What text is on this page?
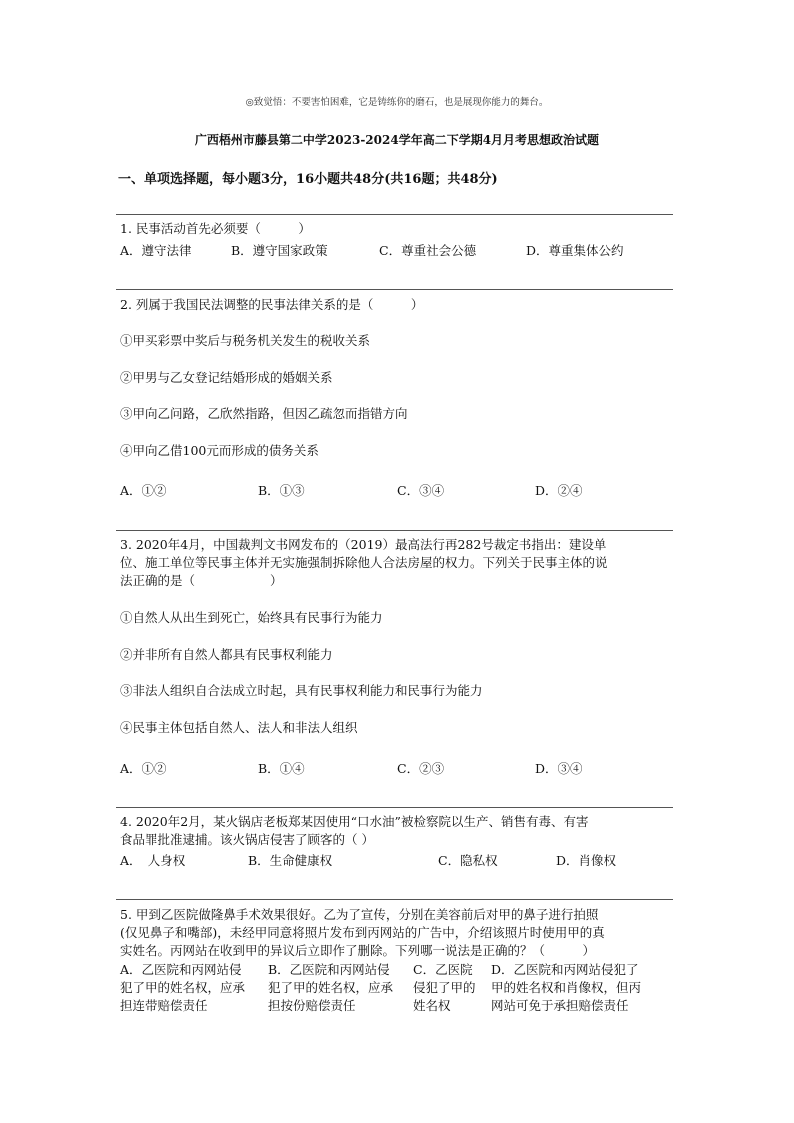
◎致觉悟：不要害怕困难，它是铸练你的磨石，也是展现你能力的舞台。
广西梧州市藤县第二中学2023-2024学年高二下学期4月月考思想政治试题
一、单项选择题，每小题3分，16小题共48分(共16题；共48分)
1. 民事活动首先必须要（　　　）
A．遵守法律	B．遵守国家政策	C．尊重社会公德	D．尊重集体公约
2. 列属于我国民法调整的民事法律关系的是（　　　）
①甲买彩票中奖后与税务机关发生的税收关系
②甲男与乙女登记结婚形成的婚姻关系
③甲向乙问路，乙欣然指路，但因乙疏忽而指错方向
④甲向乙借100元而形成的债务关系
A．①②	B．①③	C．③④	D．②④
3. 2020年4月，中国裁判文书网发布的（2019）最高法行再282号裁定书指出：建设单
位、施工单位等民事主体并无实施强制拆除他人合法房屋的权力。下列关于民事主体的说
法正确的是（　　　　　　）
①自然人从出生到死亡，始终具有民事行为能力
②并非所有自然人都具有民事权利能力
③非法人组织自合法成立时起，具有民事权利能力和民事行为能力
④民事主体包括自然人、法人和非法人组织
A．①②	B．①④	C．②③	D．③④
4. 2020年2月，某火锅店老板郑某因使用“口水油”被检察院以生产、销售有毒、有害
食品罪批准逮捕。该火锅店侵害了顾客的（ ）
A．　人身权	B．生命健康权	C．隐私权	D．肖像权
5. 甲到乙医院做隆鼻手术效果很好。乙为了宣传，分别在美容前后对甲的鼻子进行拍照
(仅见鼻子和嘴部)，未经甲同意将照片发布到丙网站的广告中，介绍该照片时使用甲的真
实姓名。丙网站在收到甲的异议后立即作了删除。下列哪一说法是正确的？（　　　）
A．乙医院和丙网站侵
犯了甲的姓名权，应承
担连带赔偿责任
B．乙医院和丙网站侵
犯了甲的姓名权，应承
担按份赔偿责任
C．乙医院
侵犯了甲的
姓名权
D．乙医院和丙网站侵犯了
甲的姓名权和肖像权，但丙
网站可免于承担赔偿责任
